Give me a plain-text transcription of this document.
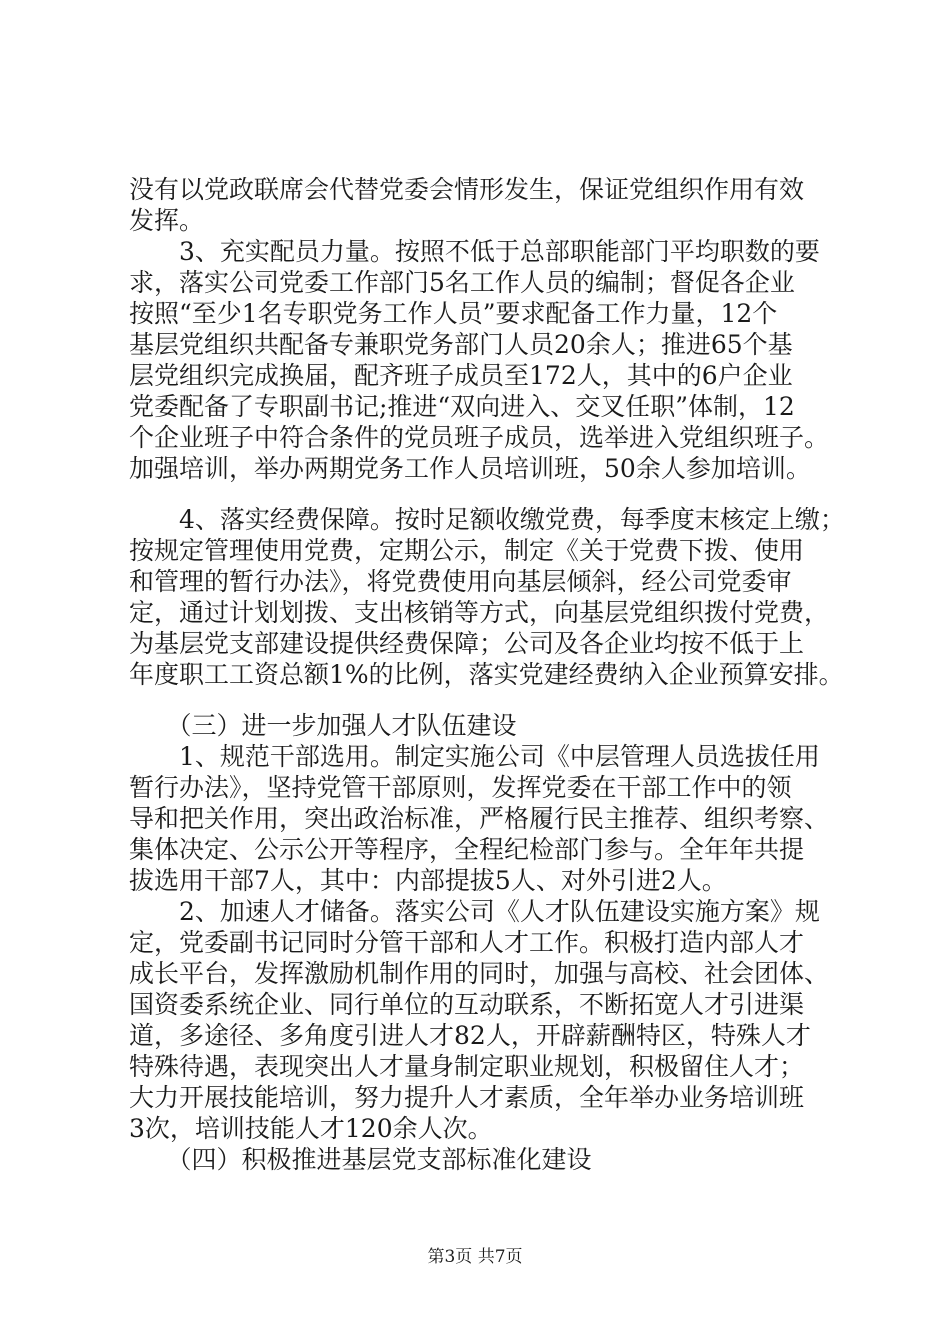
没有以党政联席会代替党委会情形发生，保证党组织作用有效
发挥。
　　3、充实配员力量。按照不低于总部职能部门平均职数的要
求，落实公司党委工作部门5名工作人员的编制；督促各企业
按照“至少1名专职党务工作人员”要求配备工作力量，12个
基层党组织共配备专兼职党务部门人员20余人；推进65个基
层党组织完成换届，配齐班子成员至172人，其中的6户企业
党委配备了专职副书记;推进“双向进入、交叉任职”体制，12
个企业班子中符合条件的党员班子成员，选举进入党组织班子。
加强培训，举办两期党务工作人员培训班，50余人参加培训。
　　4、落实经费保障。按时足额收缴党费，每季度末核定上缴；
按规定管理使用党费，定期公示，制定《关于党费下拨、使用
和管理的暂行办法》，将党费使用向基层倾斜，经公司党委审
定，通过计划划拨、支出核销等方式，向基层党组织拨付党费，
为基层党支部建设提供经费保障；公司及各企业均按不低于上
年度职工工资总额1%的比例，落实党建经费纳入企业预算安排。
　　（三）进一步加强人才队伍建设
　　1、规范干部选用。制定实施公司《中层管理人员选拔任用
暂行办法》，坚持党管干部原则，发挥党委在干部工作中的领
导和把关作用，突出政治标准，严格履行民主推荐、组织考察、
集体决定、公示公开等程序，全程纪检部门参与。全年年共提
拔选用干部7人，其中：内部提拔5人、对外引进2人。
　　2、加速人才储备。落实公司《人才队伍建设实施方案》规
定，党委副书记同时分管干部和人才工作。积极打造内部人才
成长平台，发挥激励机制作用的同时，加强与高校、社会团体、
国资委系统企业、同行单位的互动联系，不断拓宽人才引进渠
道，多途径、多角度引进人才82人，开辟薪酬特区，特殊人才
特殊待遇，表现突出人才量身制定职业规划，积极留住人才；
大力开展技能培训，努力提升人才素质，全年举办业务培训班
3次，培训技能人才120余人次。
　　（四）积极推进基层党支部标准化建设
第3页 共7页
